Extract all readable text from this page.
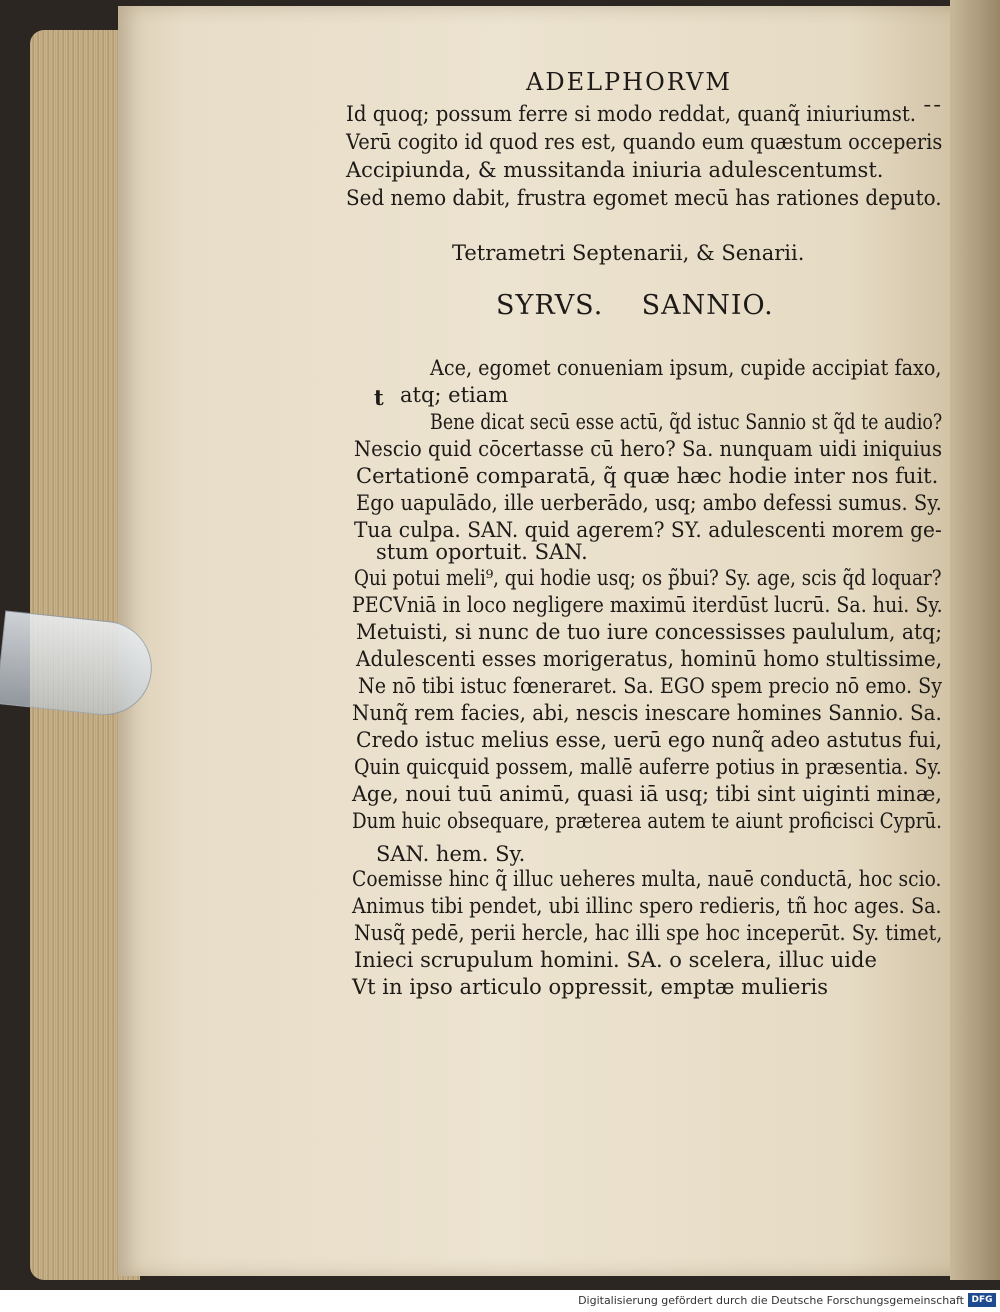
ADELPHORVM
Id quoq; possum ferre si modo reddat, quanq̃ iniuriumst. ˉˉ
Verū cogito id quod res est, quando eum quæstum occeperis
Accipiunda, & mussitanda iniuria adulescentumst.
Sed nemo dabit, frustra egomet mecū has rationes deputo.
Tetrametri Septenarii, & Senarii.
SYRVS.    SANNIO.
t
Ace, egomet conueniam ipsum, cupide accipiat faxo,
atq; etiam
Bene dicat secū esse actū, q̃d istuc Sannio st q̃d te audio?
Nescio quid cōcertasse cū hero? Sa. nunquam uidi iniquius
Certationē comparatā, q̃ quæ hæc hodie inter nos fuit.
Ego uapulādo, ille uerberādo, usq; ambo defessi sumus. Sy.
Tua culpa. SAN. quid agerem? SY. adulescenti morem ge-
stum oportuit. SAN.
Qui potui meli⁹, qui hodie usq; os p̃bui? Sy. age, scis q̃d loquar?
PECVniā in loco negligere maximū iterdūst lucrū. Sa. hui. Sy.
Metuisti, si nunc de tuo iure concessisses paululum, atq;
Adulescenti esses morigeratus, hominū homo stultissime,
Ne nō tibi istuc fœneraret. Sa. EGO spem precio nō emo. Sy
Nunq̃ rem facies, abi, nescis inescare homines Sannio. Sa.
Credo istuc melius esse, uerū ego nunq̃ adeo astutus fui,
Quin quicquid possem, mallē auferre potius in præsentia. Sy.
Age, noui tuū animū, quasi iā usq; tibi sint uiginti minæ,
Dum huic obsequare, præterea autem te aiunt proficisci Cyprū.
SAN. hem. Sy.
Coemisse hinc q̃ illuc ueheres multa, nauē conductā, hoc scio.
Animus tibi pendet, ubi illinc spero redieris, tñ hoc ages. Sa.
Nusq̃ pedē, perii hercle, hac illi spe hoc inceperūt. Sy. timet,
Inieci scrupulum homini. SA. o scelera, illuc uide
Vt in ipso articulo oppressit, emptæ mulieris
Digitalisierung gefördert durch die Deutsche Forschungsgemeinschaft DFG
